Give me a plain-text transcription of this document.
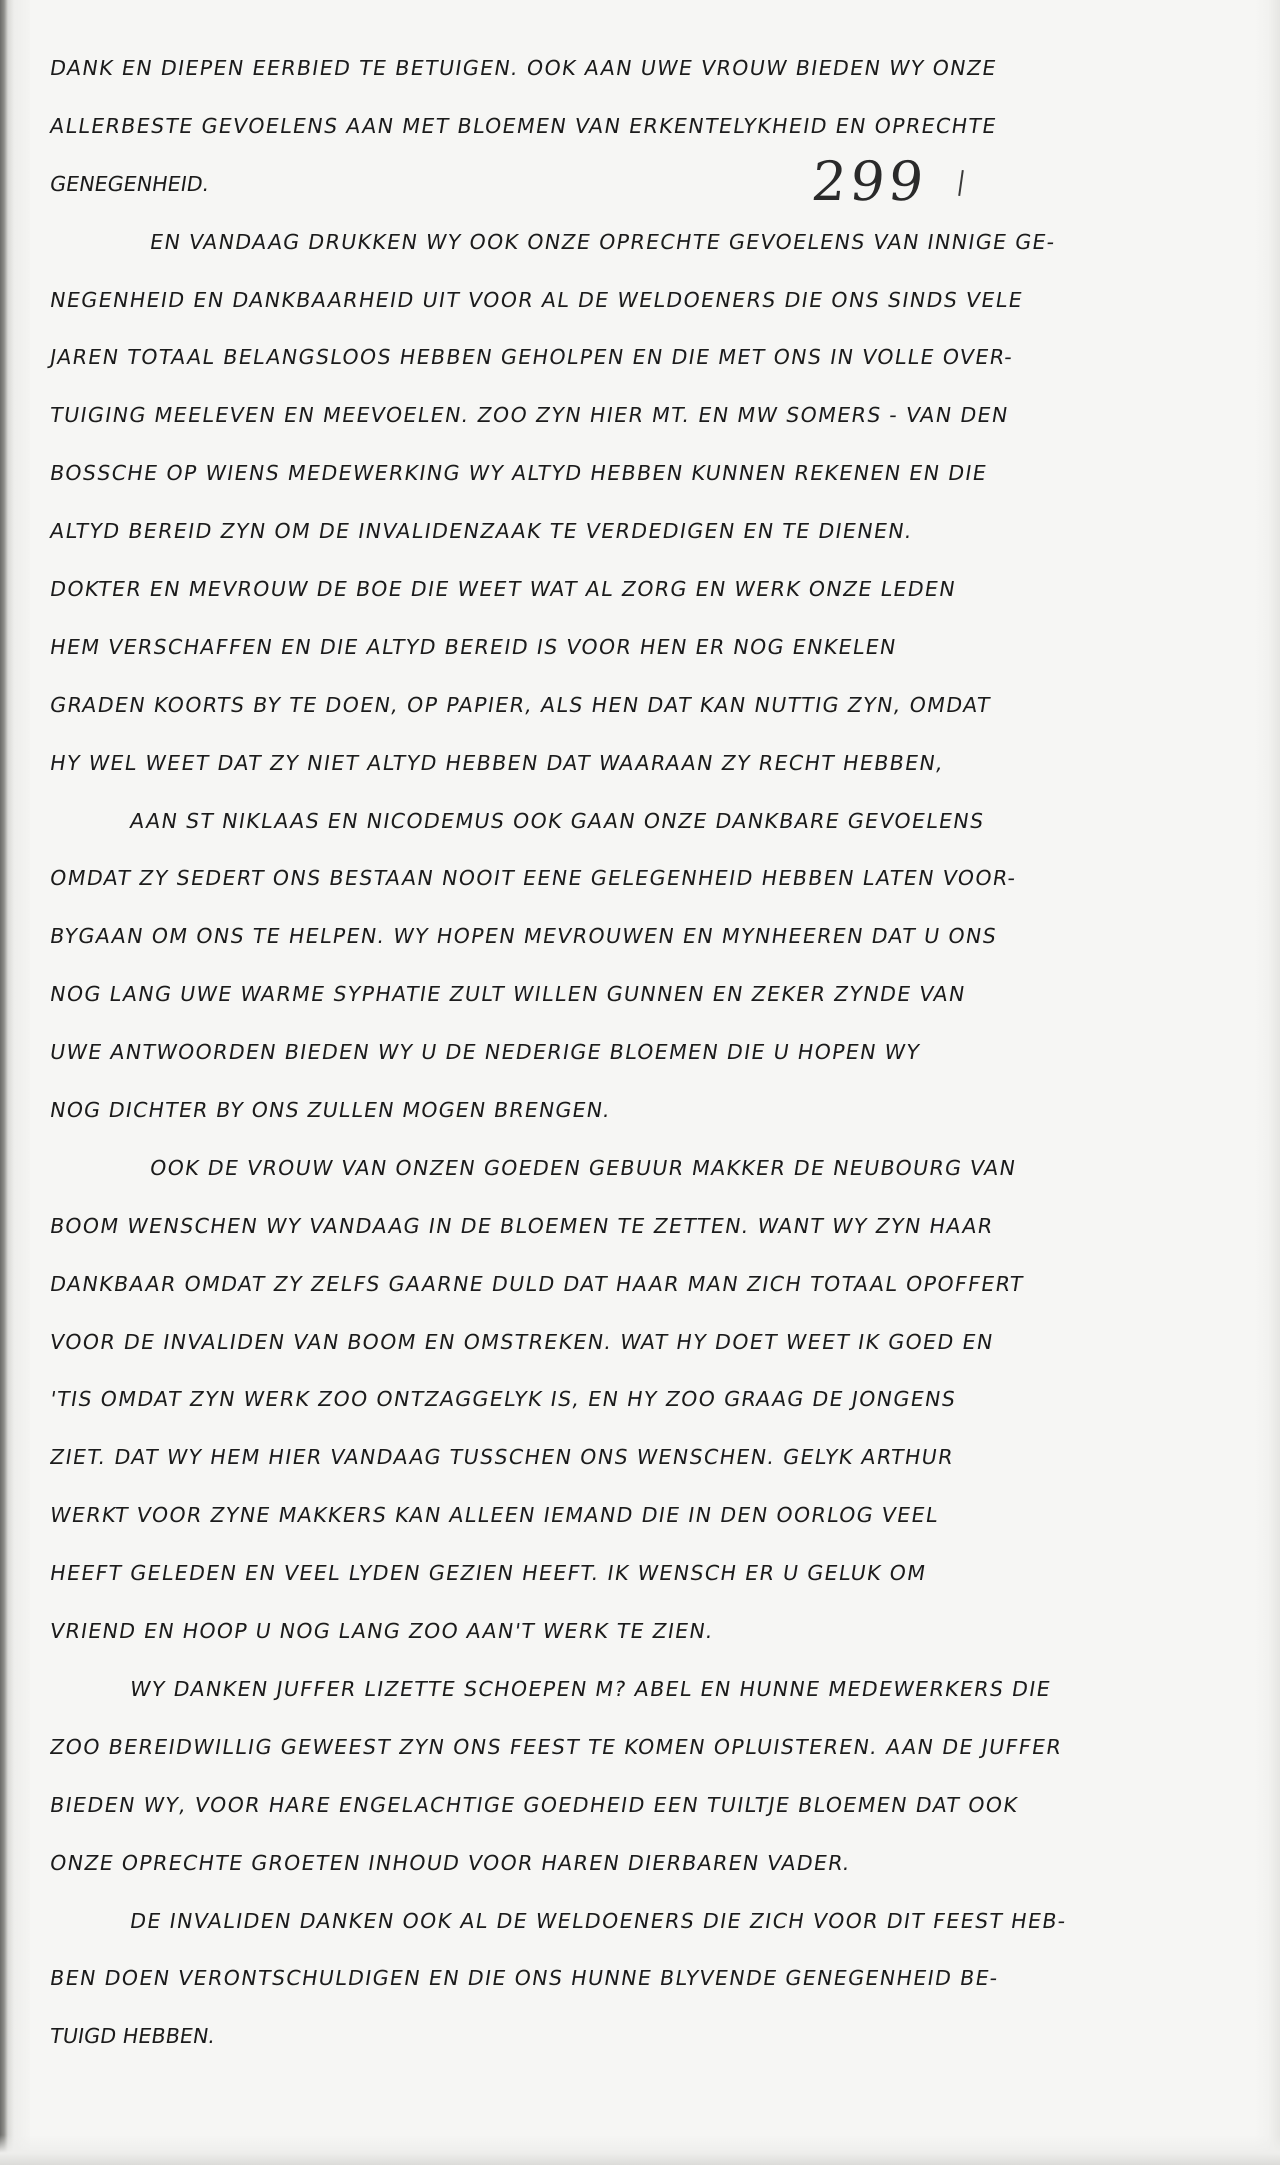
299
DANK EN DIEPEN EERBIED TE BETUIGEN. OOK AAN UWE VROUW BIEDEN WY ONZE
ALLERBESTE GEVOELENS AAN MET BLOEMEN VAN ERKENTELYKHEID EN OPRECHTE
GENEGENHEID.
EN VANDAAG DRUKKEN WY OOK ONZE OPRECHTE GEVOELENS VAN INNIGE GE-
NEGENHEID EN DANKBAARHEID UIT VOOR AL DE WELDOENERS DIE ONS SINDS VELE
JAREN TOTAAL BELANGSLOOS HEBBEN GEHOLPEN EN DIE MET ONS IN VOLLE OVER-
TUIGING MEELEVEN EN MEEVOELEN. ZOO ZYN HIER MT. EN MW SOMERS - VAN DEN
BOSSCHE OP WIENS MEDEWERKING WY ALTYD HEBBEN KUNNEN REKENEN EN DIE
ALTYD BEREID ZYN OM DE INVALIDENZAAK TE VERDEDIGEN EN TE DIENEN.
DOKTER EN MEVROUW DE BOE DIE WEET WAT AL ZORG EN WERK ONZE LEDEN
HEM VERSCHAFFEN EN DIE ALTYD BEREID IS VOOR HEN ER NOG ENKELEN
GRADEN KOORTS BY TE DOEN, OP PAPIER, ALS HEN DAT KAN NUTTIG ZYN, OMDAT
HY WEL WEET DAT ZY NIET ALTYD HEBBEN DAT WAARAAN ZY RECHT HEBBEN,
AAN ST NIKLAAS EN NICODEMUS OOK GAAN ONZE DANKBARE GEVOELENS
OMDAT ZY SEDERT ONS BESTAAN NOOIT EENE GELEGENHEID HEBBEN LATEN VOOR-
BYGAAN OM ONS TE HELPEN. WY HOPEN MEVROUWEN EN MYNHEEREN DAT U ONS
NOG LANG UWE WARME SYPHATIE ZULT WILLEN GUNNEN EN ZEKER ZYNDE VAN
UWE ANTWOORDEN BIEDEN WY U DE NEDERIGE BLOEMEN DIE U HOPEN WY
NOG DICHTER BY ONS ZULLEN MOGEN BRENGEN.
OOK DE VROUW VAN ONZEN GOEDEN GEBUUR MAKKER DE NEUBOURG VAN
BOOM WENSCHEN WY VANDAAG IN DE BLOEMEN TE ZETTEN. WANT WY ZYN HAAR
DANKBAAR OMDAT ZY ZELFS GAARNE DULD DAT HAAR MAN ZICH TOTAAL OPOFFERT
VOOR DE INVALIDEN VAN BOOM EN OMSTREKEN. WAT HY DOET WEET IK GOED EN
'TIS OMDAT ZYN WERK ZOO ONTZAGGELYK IS, EN HY ZOO GRAAG DE JONGENS
ZIET. DAT WY HEM HIER VANDAAG TUSSCHEN ONS WENSCHEN. GELYK ARTHUR
WERKT VOOR ZYNE MAKKERS KAN ALLEEN IEMAND DIE IN DEN OORLOG VEEL
HEEFT GELEDEN EN VEEL LYDEN GEZIEN HEEFT. IK WENSCH ER U GELUK OM
VRIEND EN HOOP U NOG LANG ZOO AAN'T WERK TE ZIEN.
WY DANKEN JUFFER LIZETTE SCHOEPEN M? ABEL EN HUNNE MEDEWERKERS DIE
ZOO BEREIDWILLIG GEWEEST ZYN ONS FEEST TE KOMEN OPLUISTEREN. AAN DE JUFFER
BIEDEN WY, VOOR HARE ENGELACHTIGE GOEDHEID EEN TUILTJE BLOEMEN DAT OOK
ONZE OPRECHTE GROETEN INHOUD VOOR HAREN DIERBAREN VADER.
DE INVALIDEN DANKEN OOK AL DE WELDOENERS DIE ZICH VOOR DIT FEEST HEB-
BEN DOEN VERONTSCHULDIGEN EN DIE ONS HUNNE BLYVENDE GENEGENHEID BE-
TUIGD HEBBEN.
